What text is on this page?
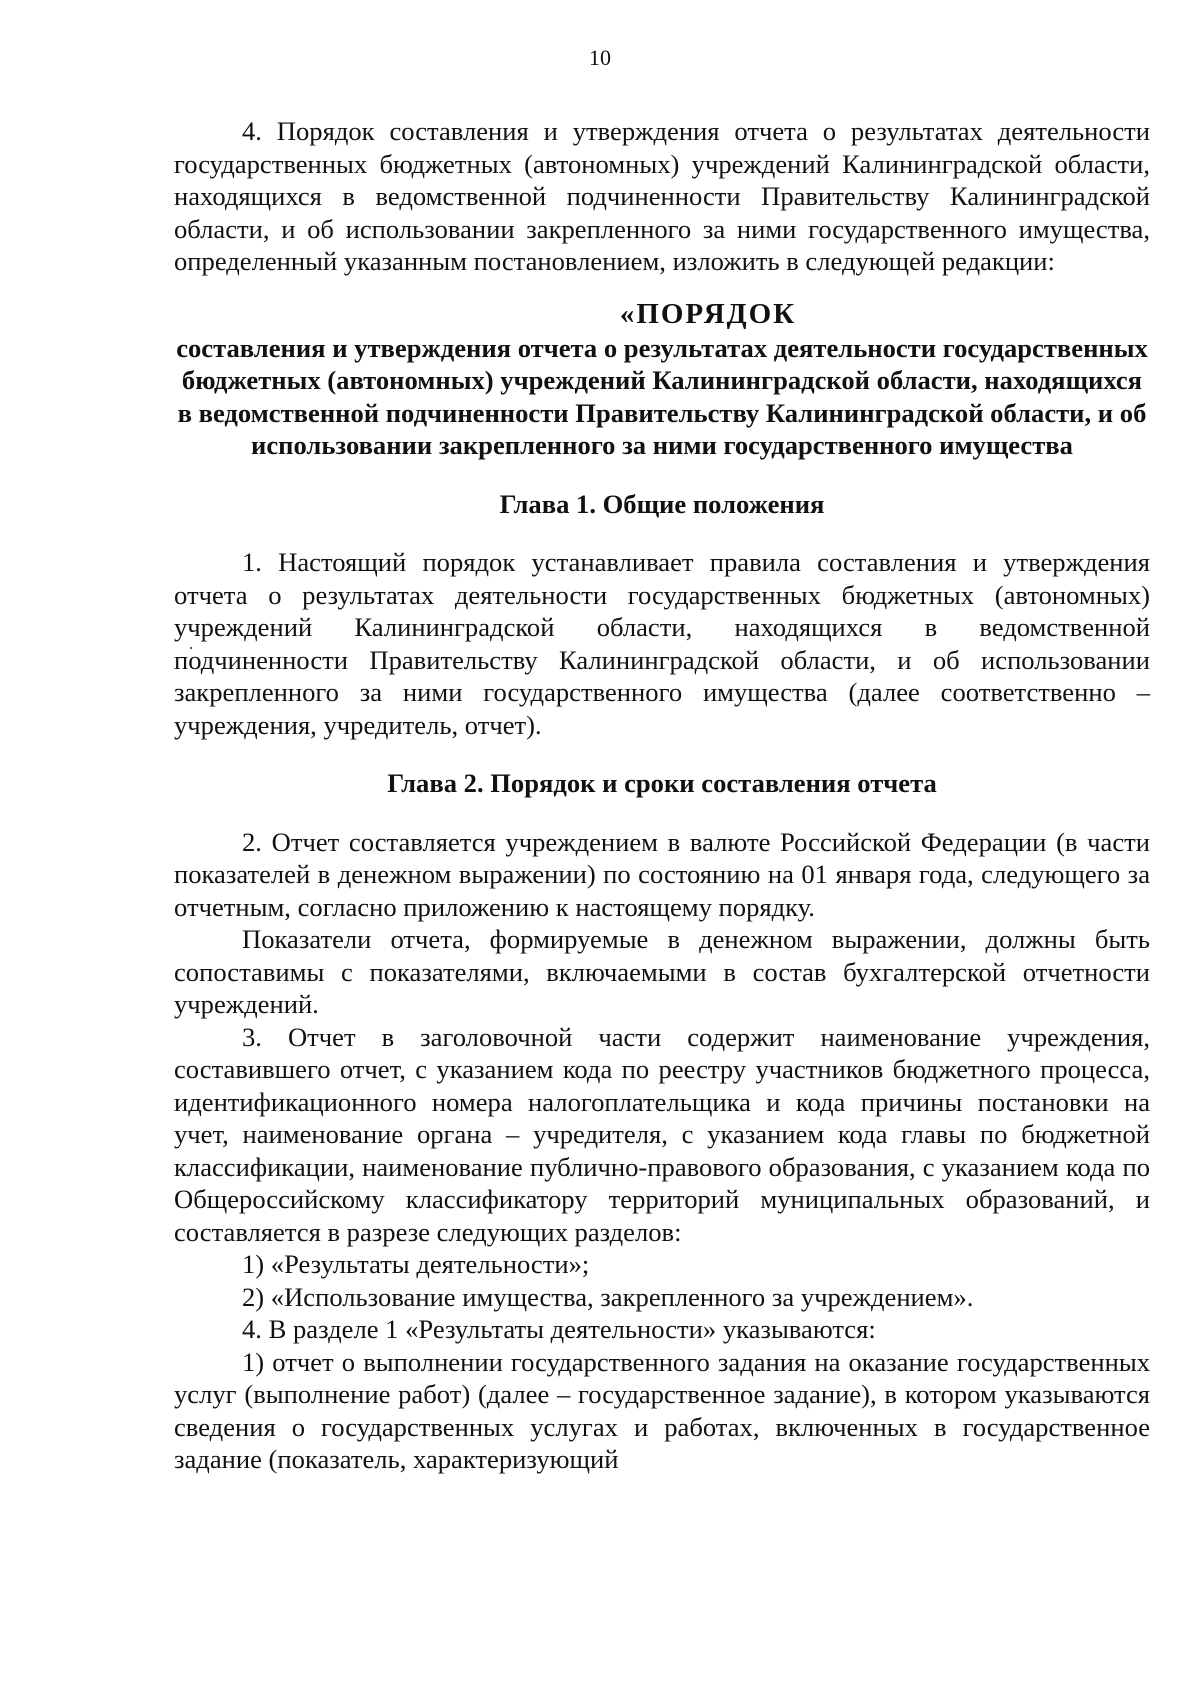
10

4. Порядок составления и утверждения отчета о результатах деятельности государственных бюджетных (автономных) учреждений Калининградской области, находящихся в ведомственной подчиненности Правительству Калининградской области, и об использовании закрепленного за ними государственного имущества, определенный указанным постановлением, изложить в следующей редакции:

«ПОРЯДОК
составления и утверждения отчета о результатах деятельности государственных бюджетных (автономных) учреждений Калининградской области, находящихся в ведомственной подчиненности Правительству Калининградской области, и об использовании закрепленного за ними государственного имущества
Глава 1. Общие положения

1. Настоящий порядок устанавливает правила составления и утверждения отчета о результатах деятельности государственных бюджетных (автономных) учреждений Калининградской области, находящихся в ведомственной подчиненности Правительству Калининградской области, и об использовании закрепленного за ними государственного имущества (далее соответственно – учреждения, учредитель, отчет).

Глава 2. Порядок и сроки составления отчета

2. Отчет составляется учреждением в валюте Российской Федерации (в части показателей в денежном выражении) по состоянию на 01 января года, следующего за отчетным, согласно приложению к настоящему порядку.

Показатели отчета, формируемые в денежном выражении, должны быть сопоставимы с показателями, включаемыми в состав бухгалтерской отчетности учреждений.

3. Отчет в заголовочной части содержит наименование учреждения, составившего отчет, с указанием кода по реестру участников бюджетного процесса, идентификационного номера налогоплательщика и кода причины постановки на учет, наименование органа – учредителя, с указанием кода главы по бюджетной классификации, наименование публично-правового образования, с указанием кода по Общероссийскому классификатору территорий муниципальных образований, и составляется в разрезе следующих разделов:

1) «Результаты деятельности»;

2) «Использование имущества, закрепленного за учреждением».

4. В разделе 1 «Результаты деятельности» указываются:

1) отчет о выполнении государственного задания на оказание государственных услуг (выполнение работ) (далее – государственное задание), в котором указываются сведения о государственных услугах и работах, включенных в государственное задание (показатель, характеризующий
